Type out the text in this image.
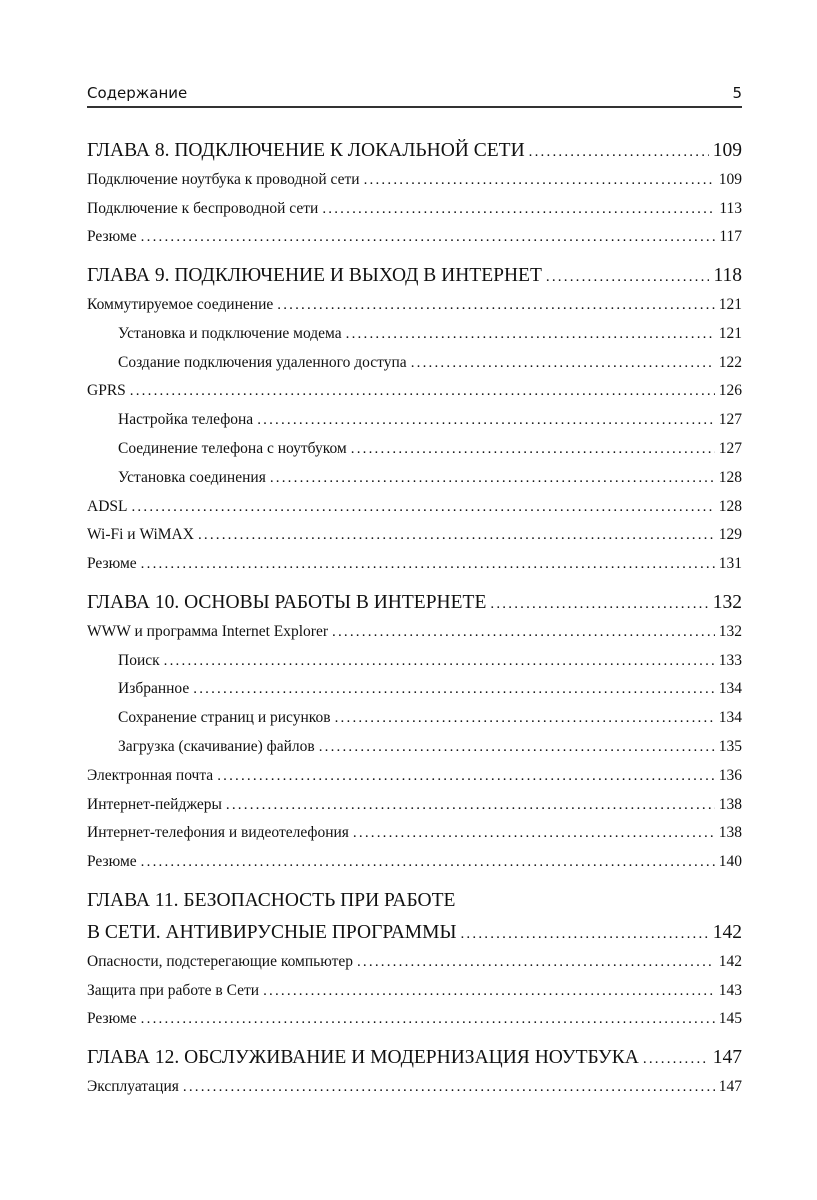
Содержание	5
ГЛАВА 8. ПОДКЛЮЧЕНИЕ К ЛОКАЛЬНОЙ СЕТИ .....	109
Подключение ноутбука к проводной сети .....	109
Подключение к беспроводной сети .....	113
Резюме .....	117
ГЛАВА 9. ПОДКЛЮЧЕНИЕ И ВЫХОД В ИНТЕРНЕТ .....	118
Коммутируемое соединение .....	121
Установка и подключение модема .....	121
Создание подключения удаленного доступа .....	122
GPRS .....	126
Настройка телефона .....	127
Соединение телефона с ноутбуком .....	127
Установка соединения .....	128
ADSL .....	128
Wi-Fi и WiMAX .....	129
Резюме .....	131
ГЛАВА 10. ОСНОВЫ РАБОТЫ В ИНТЕРНЕТЕ .....	132
WWW и программа Internet Explorer .....	132
Поиск .....	133
Избранное .....	134
Сохранение страниц и рисунков .....	134
Загрузка (скачивание) файлов .....	135
Электронная почта .....	136
Интернет-пейджеры .....	138
Интернет-телефония и видеотелефония .....	138
Резюме .....	140
ГЛАВА 11. БЕЗОПАСНОСТЬ ПРИ РАБОТЕ
В СЕТИ. АНТИВИРУСНЫЕ ПРОГРАММЫ .....	142
Опасности, подстерегающие компьютер .....	142
Защита при работе в Сети .....	143
Резюме .....	145
ГЛАВА 12. ОБСЛУЖИВАНИЕ И МОДЕРНИЗАЦИЯ НОУТБУКА .....	147
Эксплуатация .....	147
